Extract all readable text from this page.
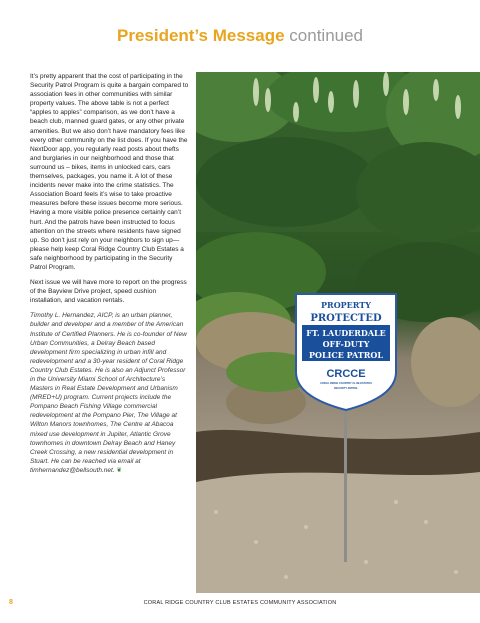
President’s Message continued

It’s pretty apparent that the cost of participating in the Security Patrol Program is quite a bargain compared to association fees in other communities with similar property values. The above table is not a perfect “apples to apples” comparison, as we don’t have a beach club, manned guard gates, or any other private amenities. But we also don’t have mandatory fees like every other community on the list does. If you have the NextDoor app, you regularly read posts about thefts and burglaries in our neighborhood and those that surround us – bikes, items in unlocked cars, cars themselves, packages, you name it. A lot of these incidents never make into the crime statistics. The Association Board feels it’s wise to take proactive measures before these issues become more serious. Having a more visible police presence certainly can’t hurt. And the patrols have been instructed to focus attention on the streets where residents have signed up. So don’t just rely on your neighbors to sign up—please help keep Coral Ridge Country Club Estates a safe neighborhood by participating in the Security Patrol Program.

Next issue we will have more to report on the progress of the Bayview Drive project, speed cushion installation, and vacation rentals.

Timothy L. Hernandez, AICP, is an urban planner, builder and developer and a member of the American Institute of Certified Planners. He is co-founder of New Urban Communities, a Delray Beach based development firm specializing in urban infill and redevelopment and a 30-year resident of Coral Ridge Country Club Estates. He is also an Adjunct Professor in the University Miami School of Architecture’s Masters in Real Estate Development and Urbanism (MRED+U) program. Current projects include the Pompano Beach Fishing Village commercial redevelopment at the Pompano Pier, The Village at Wilton Manors townhomes, The Centre at Abacoa mixed use development in Jupiter, Atlantic Grove townhomes in downtown Delray Beach and Haney Creek Crossing, a new residential development in Stuart. He can be reached via email at timhernandez@bellsouth.net. ❦

PROPERTY
PROTECTED
FT. LAUDERDALE
OFF-DUTY
POLICE PATROL
CRCCE
CORAL RIDGE COUNTRY CLUB ESTATES
SECURITY PATROL
8	CORAL RIDGE COUNTRY CLUB ESTATES COMMUNITY ASSOCIATION
